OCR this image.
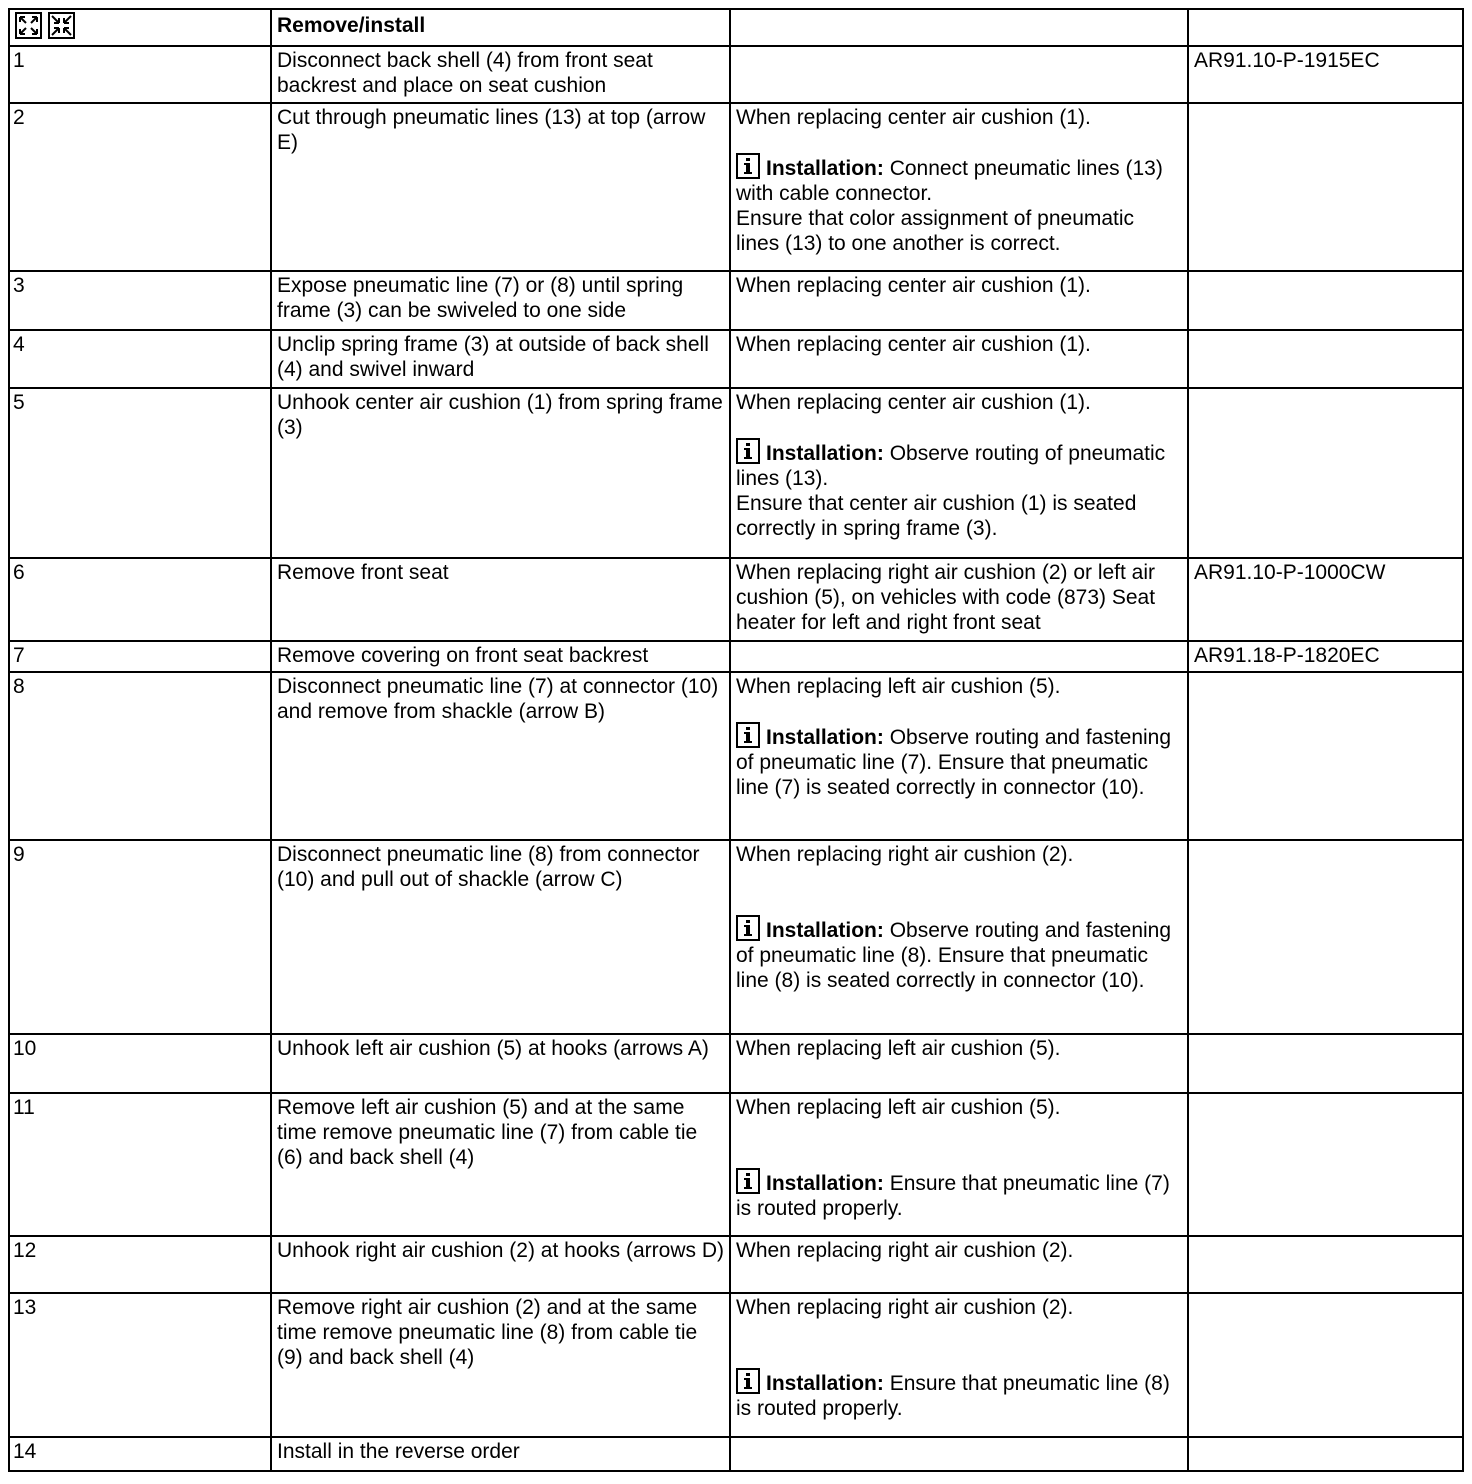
	Remove/install		
1	Disconnect back shell (4) from front seat backrest and place on seat cushion		AR91.10-P-1915EC
2	Cut through pneumatic lines (13) at top (arrow E)	When replacing center air cushion (1).
Installation: Connect pneumatic lines (13) with cable connector.
Ensure that color assignment of pneumatic lines (13) to one another is correct.	

3	Expose pneumatic line (7) or (8) until spring frame (3) can be swiveled to one side	When replacing center air cushion (1).	

4	Unclip spring frame (3) at outside of back shell (4) and swivel inward	When replacing center air cushion (1).	

5	Unhook center air cushion (1) from spring frame (3)	When replacing center air cushion (1).
Installation: Observe routing of pneumatic lines (13).
Ensure that center air cushion (1) is seated correctly in spring frame (3).	

6	Remove front seat	When replacing right air cushion (2) or left air cushion (5), on vehicles with code (873) Seat heater for left and right front seat	AR91.10-P-1000CW
7	Remove covering on front seat backrest		AR91.18-P-1820EC
8	Disconnect pneumatic line (7) at connector (10) and remove from shackle (arrow B)	When replacing left air cushion (5).
Installation: Observe routing and fastening of pneumatic line (7). Ensure that pneumatic line (7) is seated correctly in connector (10).	

9	Disconnect pneumatic line (8) from connector (10) and pull out of shackle (arrow C)	When replacing right air cushion (2).
Installation: Observe routing and fastening of pneumatic line (8). Ensure that pneumatic line (8) is seated correctly in connector (10).	

10	Unhook left air cushion (5) at hooks (arrows A)	When replacing left air cushion (5).	

11	Remove left air cushion (5) and at the same time remove pneumatic line (7) from cable tie (6) and back shell (4)	When replacing left air cushion (5).
Installation: Ensure that pneumatic line (7) is routed properly.	

12	Unhook right air cushion (2) at hooks (arrows D)	When replacing right air cushion (2).	

13	Remove right air cushion (2) and at the same time remove pneumatic line (8) from cable tie (9) and back shell (4)	When replacing right air cushion (2).
Installation: Ensure that pneumatic line (8) is routed properly.	

14	Install in the reverse order	
